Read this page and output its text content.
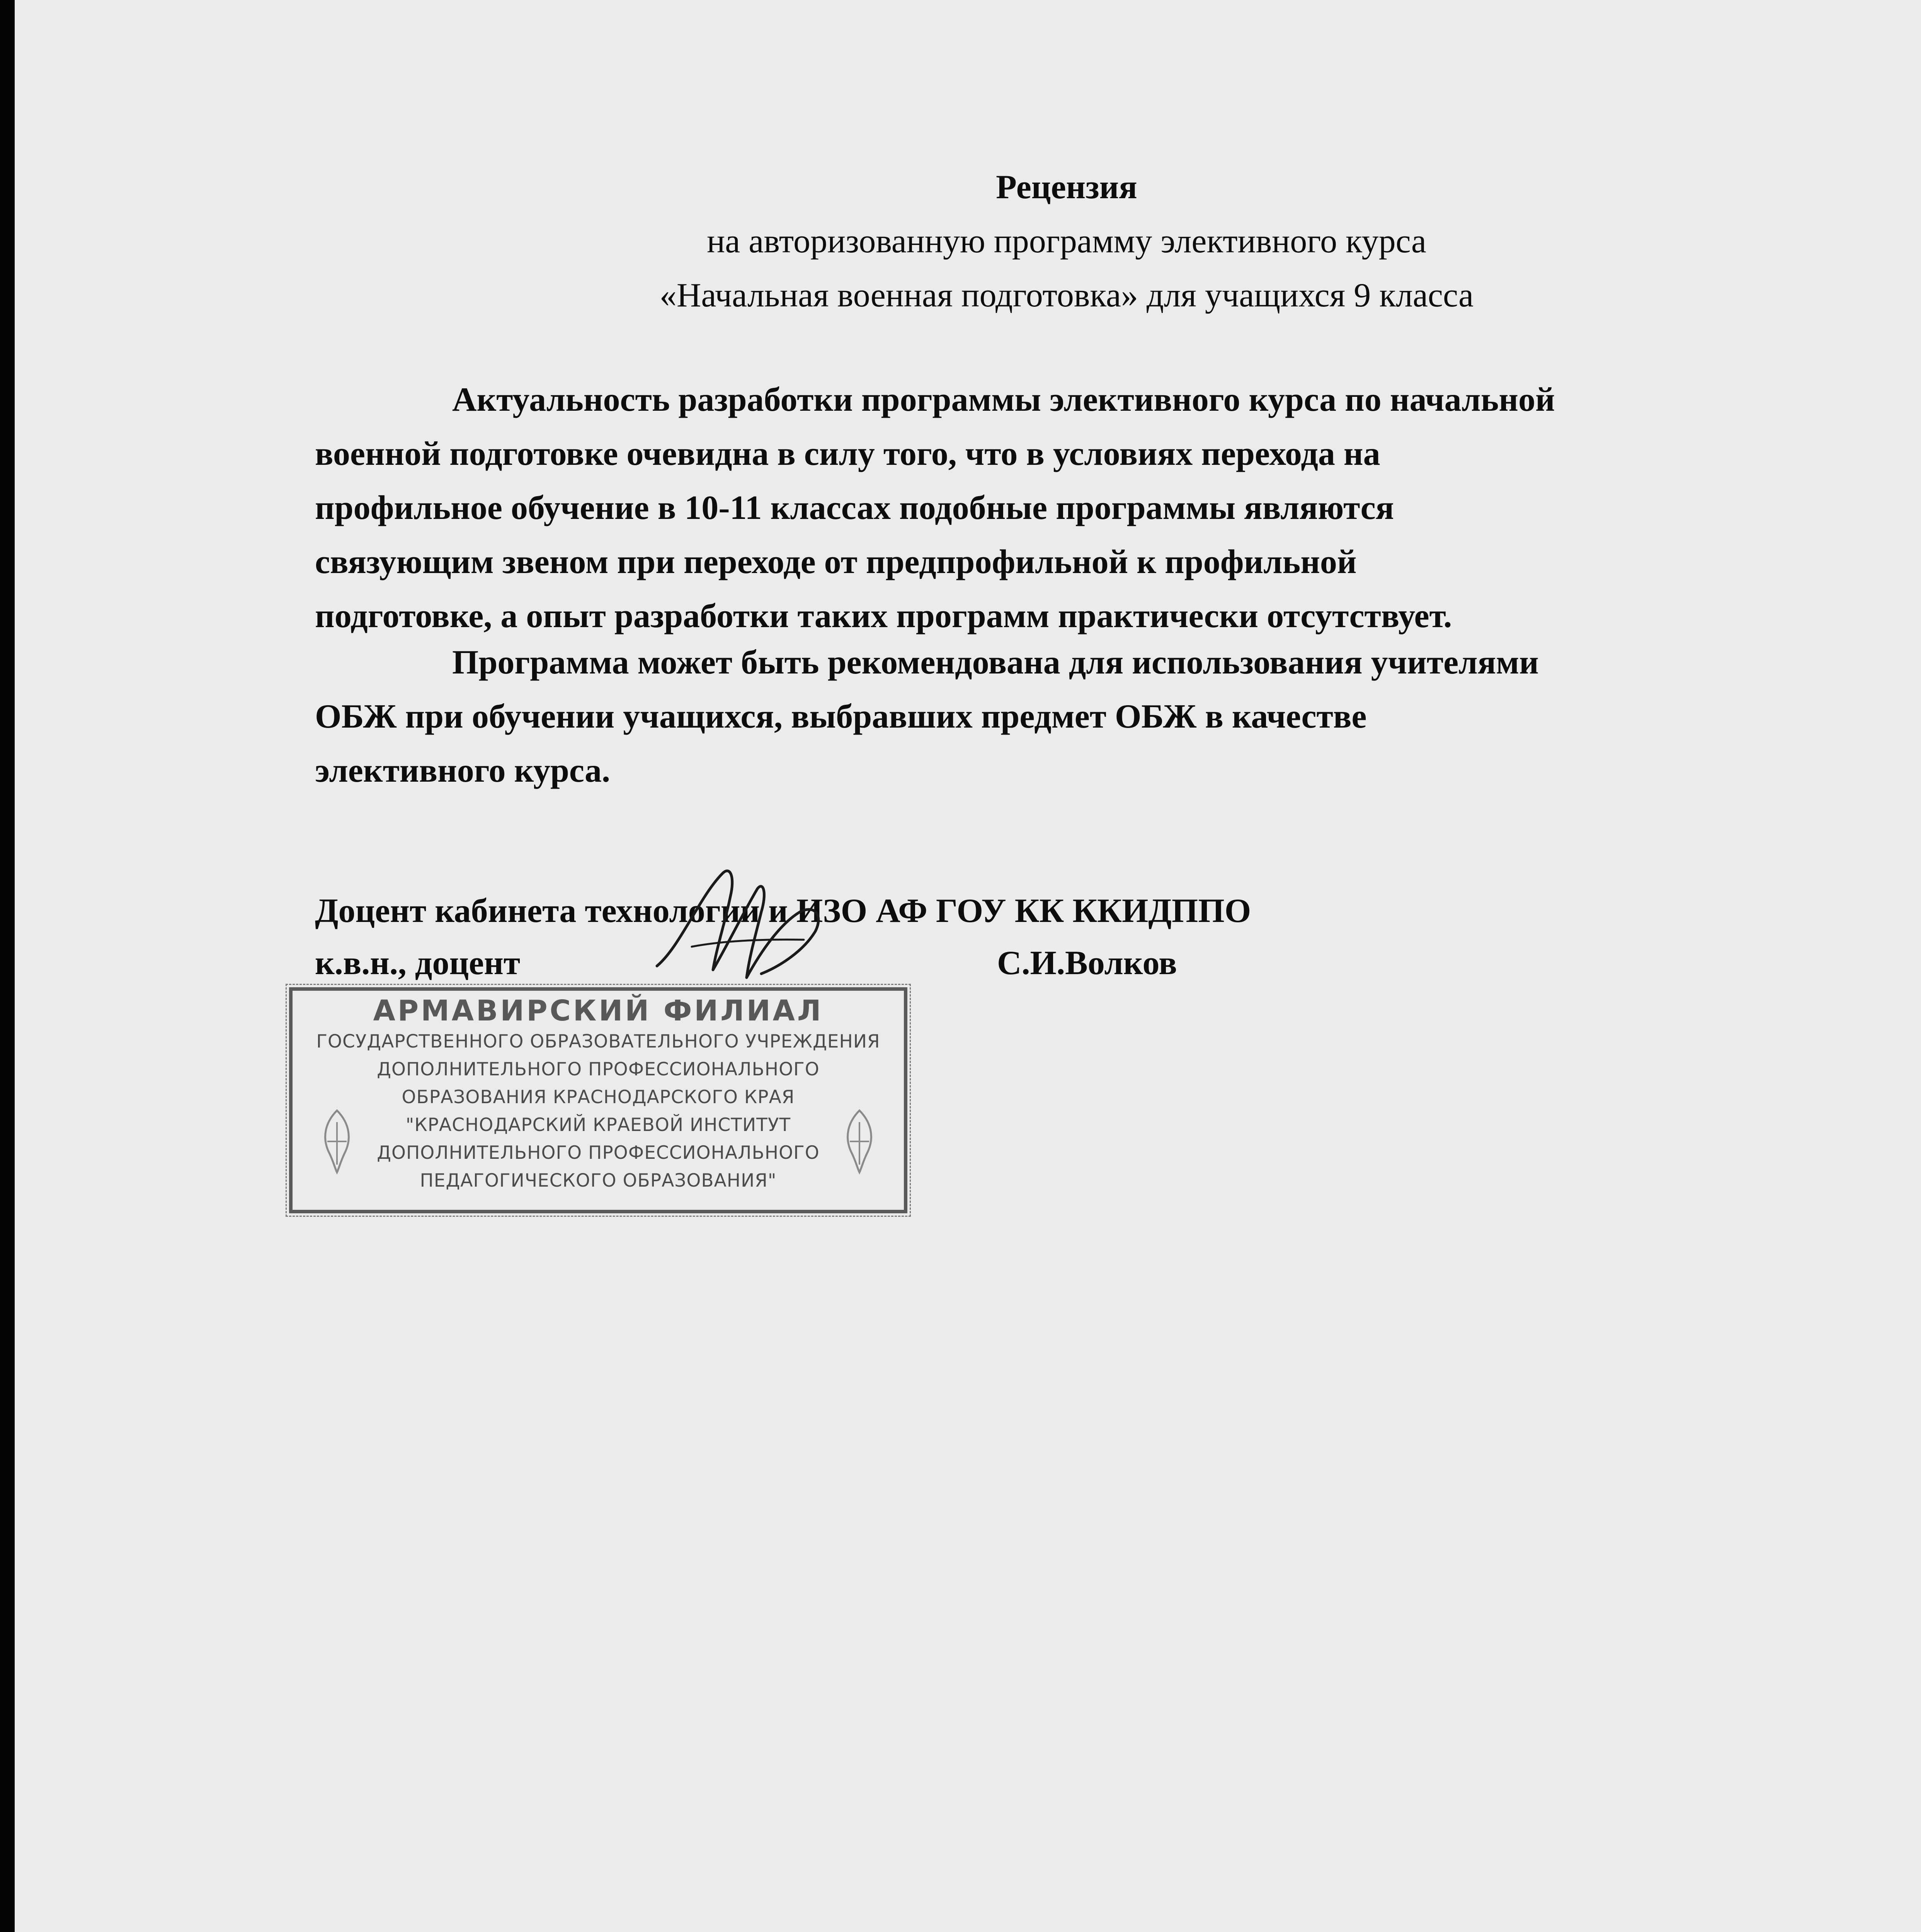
Рецензия

на авторизованную программу элективного курса

«Начальная военная подготовка» для учащихся 9 класса

Актуальность разработки программы элективного курса по начальной
военной подготовке очевидна в силу того, что в условиях перехода на
профильное обучение в 10-11 классах подобные программы являются
связующим звеном при переходе от предпрофильной к профильной
подготовке, а опыт разработки таких программ практически отсутствует.

Программа может быть рекомендована для использования учителями
ОБЖ при обучении учащихся, выбравших предмет ОБЖ в качестве
элективного курса.

Доцент кабинета технологии и ИЗО АФ ГОУ КК ККИДППО
к.в.н., доцент	С.И.Волков
АРМАВИРСКИЙ ФИЛИАЛ
ГОСУДАРСТВЕННОГО ОБРАЗОВАТЕЛЬНОГО УЧРЕЖДЕНИЯ
ДОПОЛНИТЕЛЬНОГО ПРОФЕССИОНАЛЬНОГО
ОБРАЗОВАНИЯ КРАСНОДАРСКОГО КРАЯ
"КРАСНОДАРСКИЙ КРАЕВОЙ ИНСТИТУТ
ДОПОЛНИТЕЛЬНОГО ПРОФЕССИОНАЛЬНОГО
ПЕДАГОГИЧЕСКОГО ОБРАЗОВАНИЯ"
